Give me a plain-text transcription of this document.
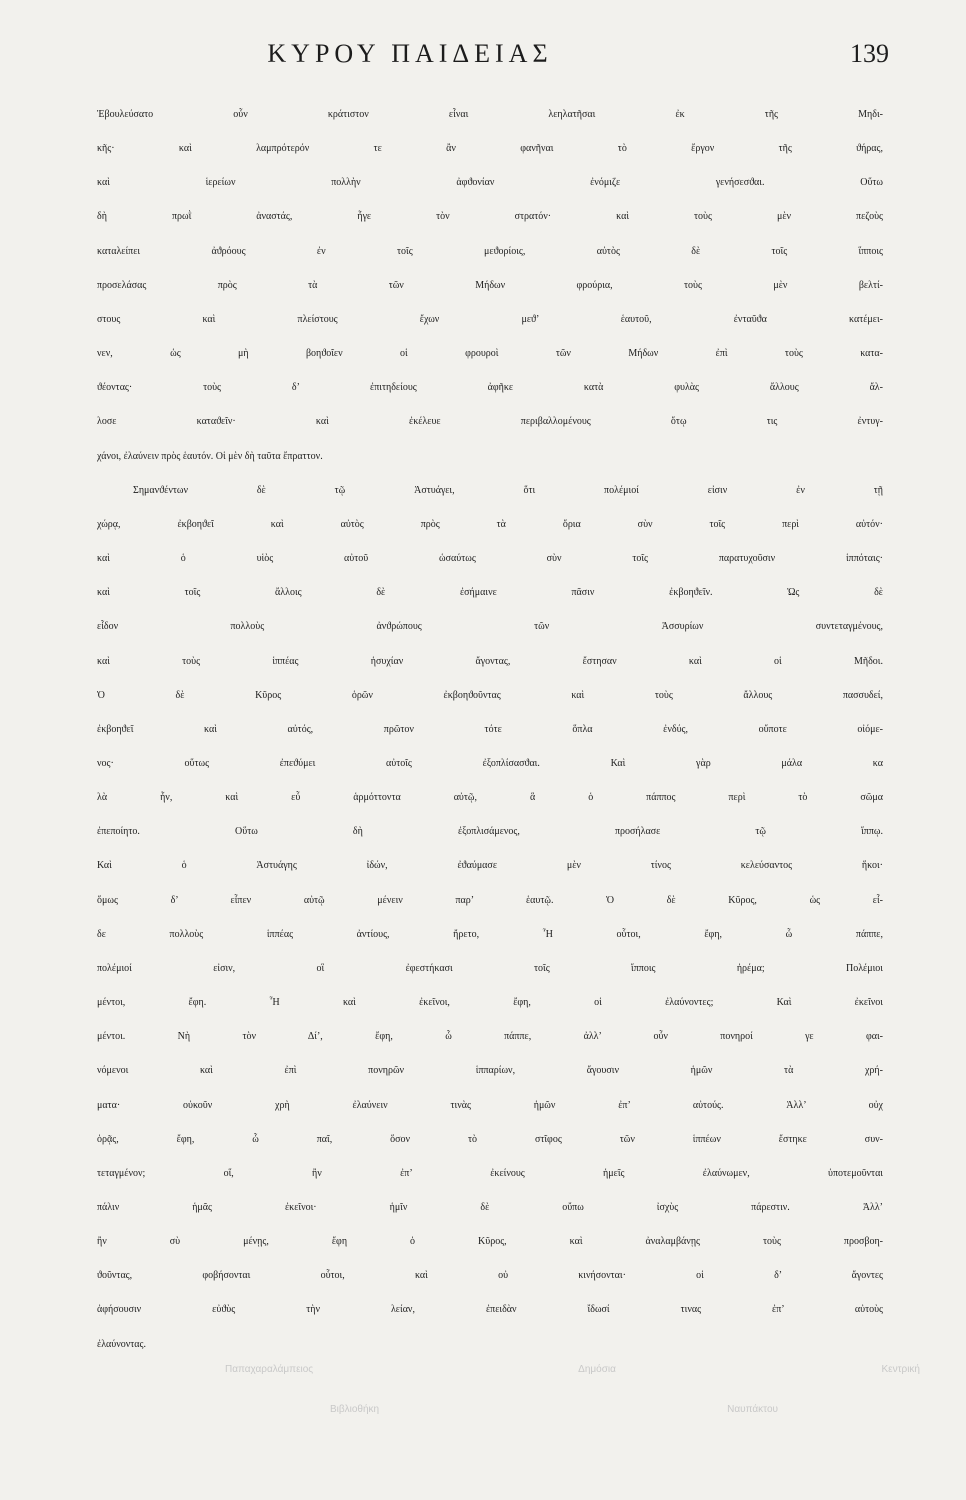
ΚΥΡΟΥ ΠΑΙΔΕΙΑΣ	139
Ἐβουλεύσατο οὖν κράτιστον εἶναι λεηλατῆσαι ἐκ τῆς Μηδι-
κῆς· καὶ λαμπρότερόν τε ἂν φανῆναι τὸ ἔργον τῆς ϑήρας,
καὶ ἱερείων πολλὴν ἀφϑονίαν ἐνόμιζε γενήσεσϑαι. Οὕτω
δὴ πρωῒ ἀναστάς, ἦγε τὸν στρατόν· καὶ τοὺς μὲν πεζοὺς
καταλείπει ἀϑρόους ἐν τοῖς μεϑορίοις, αὐτὸς δὲ τοῖς ἵπποις
προσελάσας πρὸς τὰ τῶν Μήδων φρούρια, τοὺς μὲν βελτί-
στους καὶ πλείστους ἔχων μεϑ’ ἑαυτοῦ, ἐνταῦϑα κατέμει-
νεν, ὡς μὴ βοηϑοῖεν οἱ φρουροὶ τῶν Μήδων ἐπὶ τοὺς κατα-
ϑέοντας· τοὺς δ’ ἐπιτηδείους ἀφῆκε κατὰ φυλὰς ἄλλους ἄλ-
λοσε καταϑεῖν· καὶ ἐκέλευε περιβαλλομένους ὅτῳ τις ἐντυγ-
χάνοι, ἐλαύνειν πρὸς ἑαυτόν. Οἱ μὲν δὴ ταῦτα ἔπραττον.
Σημανϑέντων δὲ τῷ Ἀστυάγει, ὅτι πολέμιοί εἰσιν ἐν τῇ
χώρᾳ, ἐκβοηϑεῖ καὶ αὐτὸς πρὸς τὰ ὅρια σὺν τοῖς περὶ αὐτόν·
καὶ ὁ υἱὸς αὐτοῦ ὡσαύτως σὺν τοῖς παρατυχοῦσιν ἱππόταις·
καὶ τοῖς ἄλλοις δὲ ἐσήμαινε πᾶσιν ἐκβοηϑεῖν. Ὡς δὲ
εἶδον πολλοὺς ἀνϑρώπους τῶν Ἀσσυρίων συντεταγμένους,
καὶ τοὺς ἱππέας ἡσυχίαν ἄγοντας, ἔστησαν καὶ οἱ Μῆδοι.
Ὁ δὲ Κῦρος ὁρῶν ἐκβοηϑοῦντας καὶ τοὺς ἄλλους πασσυδεί,
ἐκβοηϑεῖ καὶ αὐτός, πρῶτον τότε ὅπλα ἐνδύς, οὔποτε οἰόμε-
νος· οὕτως ἐπεϑύμει αὐτοῖς ἐξοπλίσασϑαι. Καὶ γὰρ μάλα κα
λὰ ἦν, καὶ εὖ ἁρμόττοντα αὐτῷ, ἃ ὁ πάππος περὶ τὸ σῶμα
ἐπεποίητο. Οὕτω δὴ ἐξοπλισάμενος, προσήλασε τῷ ἵππῳ.
Καὶ ὁ Ἀστυάγης ἰδών, ἐϑαύμασε μὲν τίνος κελεύσαντος ἥκοι·
ὅμως δ’ εἶπεν αὐτῷ μένειν παρ’ ἑαυτῷ. Ὁ δὲ Κῦρος, ὡς εἶ-
δε πολλοὺς ἱππέας ἀντίους, ἤρετο, Ἦ οὗτοι, ἔφη, ὦ πάππε,
πολέμιοί εἰσιν, οἳ ἐφεστήκασι τοῖς ἵπποις ἠρέμα; Πολέμιοι
μέντοι, ἔφη. Ἦ καὶ ἐκεῖνοι, ἔφη, οἱ ἐλαύνοντες; Καὶ ἐκεῖνοι
μέντοι. Νὴ τὸν Δί’, ἔφη, ὦ πάππε, ἀλλ’ οὖν πονηροί γε φαι-
νόμενοι καὶ ἐπὶ πονηρῶν ἱππαρίων, ἄγουσιν ἡμῶν τὰ χρή-
ματα· οὐκοῦν χρὴ ἐλαύνειν τινὰς ἡμῶν ἐπ’ αὐτούς. Ἀλλ’ οὐχ
ὁρᾷς, ἔφη, ὦ παῖ, ὅσον τὸ στῖφος τῶν ἱππέων ἕστηκε συν-
τεταγμένον; οἵ, ἢν ἐπ’ ἐκείνους ἡμεῖς ἐλαύνωμεν, ὑποτεμοῦνται
πάλιν ἡμᾶς ἐκεῖνοι· ἡμῖν δὲ οὔπω ἰσχὺς πάρεστιν. Ἀλλ’
ἢν σὺ μένῃς, ἔφη ὁ Κῦρος, καὶ ἀναλαμβάνῃς τοὺς προσβοη-
ϑοῦντας, φοβήσονται οὗτοι, καὶ οὐ κινήσονται· οἱ δ’ ἄγοντες
ἀφήσουσιν εὐϑὺς τὴν λείαν, ἐπειδὰν ἴδωσί τινας ἐπ’ αὐτοὺς
ἐλαύνοντας.
Παπαχαραλάμπειος Δημόσια Κεντρική
Βιβλιοθήκη Ναυπάκτου
